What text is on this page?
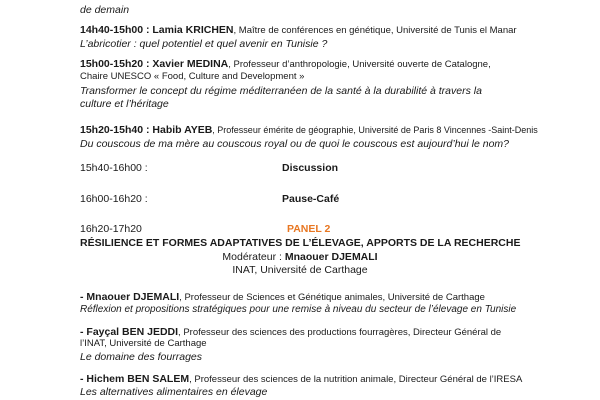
de demain
14h40-15h00 : Lamia KRICHEN, Maître de conférences en génétique, Université de Tunis el Manar
L’abricotier : quel potentiel et quel avenir en Tunisie ?
15h00-15h20 : Xavier MEDINA, Professeur d’anthropologie, Université ouverte de Catalogne,
Chaire UNESCO « Food, Culture and Development »
Transformer le concept du régime méditerranéen de la santé à la durabilité à travers la
culture et l’héritage
15h20-15h40 : Habib AYEB, Professeur émérite de géographie, Université de Paris 8 Vincennes -Saint-Denis
Du couscous de ma mère au couscous royal ou de quoi le couscous est aujourd’hui le nom?
15h40-16h00 :	Discussion
16h00-16h20 :	Pause-Café
16h20-17h20	PANEL 2
RÉSILIENCE ET FORMES ADAPTATIVES DE L’ÉLEVAGE, APPORTS DE LA RECHERCHE
Modérateur : Mnaouer DJEMALI
INAT, Université de Carthage
- Mnaouer DJEMALI, Professeur de Sciences et Génétique animales, Université de Carthage
Réflexion et propositions stratégiques pour une remise à niveau du secteur de l’élevage en Tunisie
- Fayçal BEN JEDDI, Professeur des sciences des productions fourragères, Directeur Général de
l’INAT, Université de Carthage
Le domaine des fourrages
- Hichem BEN SALEM, Professeur des sciences de la nutrition animale, Directeur Général de l’IRESA
Les alternatives alimentaires en élevage
